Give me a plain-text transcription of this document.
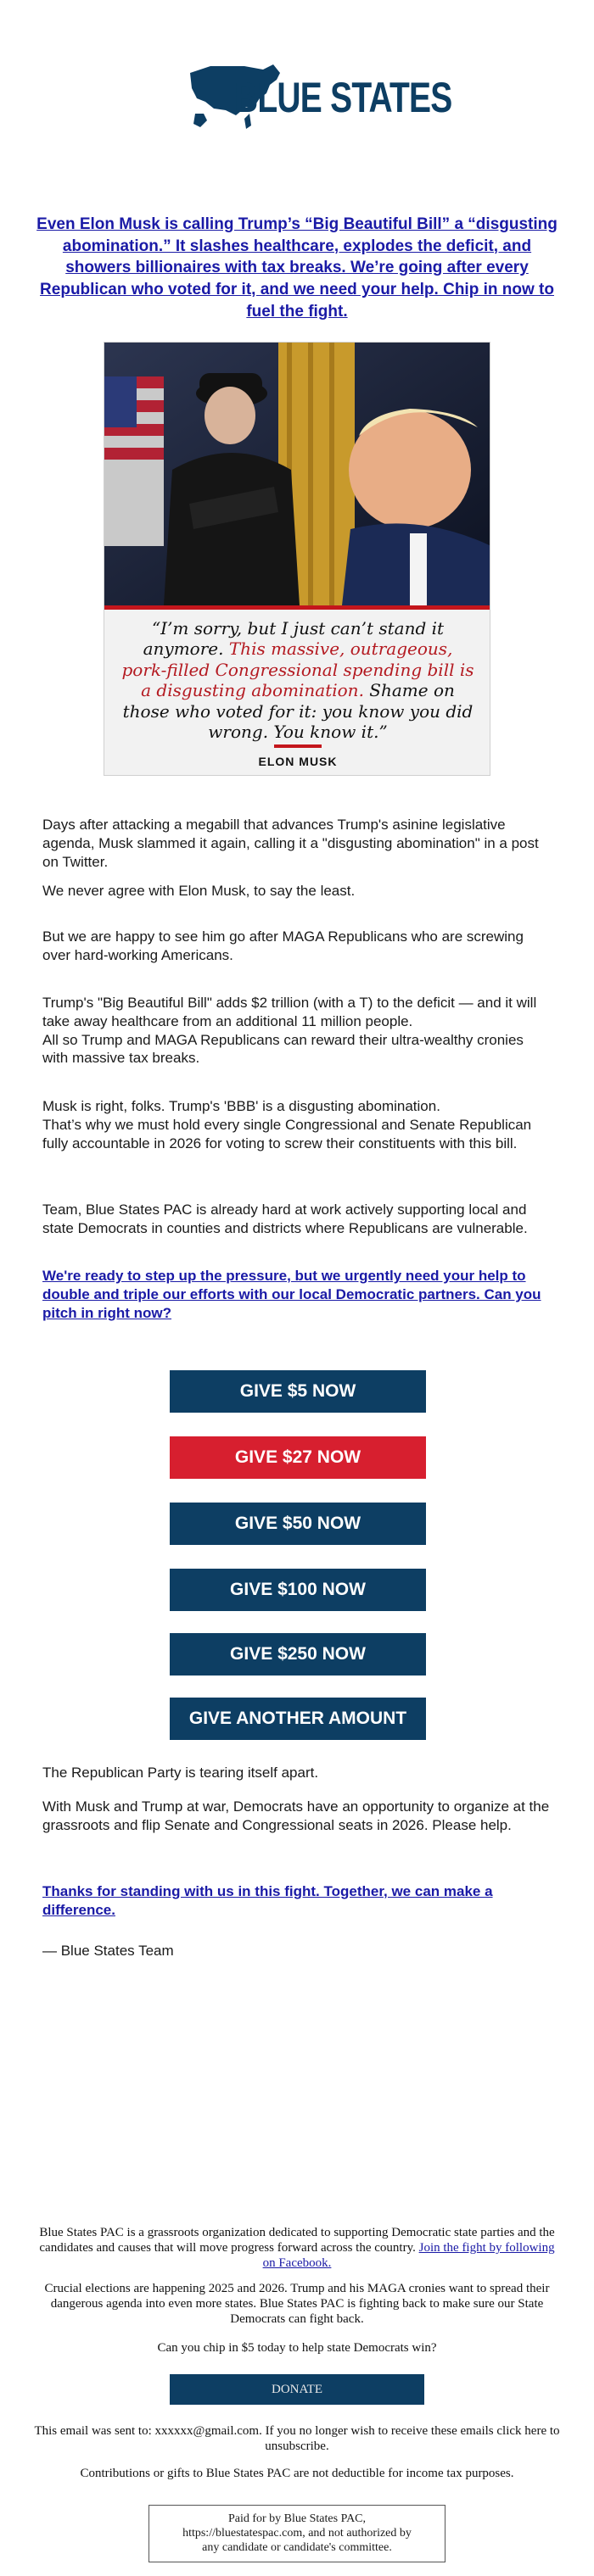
BLUE STATES
Even Elon Musk is calling Trump’s “Big Beautiful Bill” a “disgusting abomination.” It slashes healthcare, explodes the deficit, and showers billionaires with tax breaks. We’re going after every Republican who voted for it, and we need your help. Chip in now to fuel the fight.
“I’m sorry, but I just can’t stand it anymore. This massive, outrageous, pork-filled Congressional spending bill is a disgusting abomination. Shame on those who voted for it: you know you did wrong. You know it.”
ELON MUSK

Days after attacking a megabill that advances Trump's asinine legislative agenda, Musk slammed it again, calling it a "disgusting abomination" in a post on Twitter.

We never agree with Elon Musk, to say the least.

But we are happy to see him go after MAGA Republicans who are screwing over hard-working Americans.

Trump's "Big Beautiful Bill" adds $2 trillion (with a T) to the deficit — and it will take away healthcare from an additional 11 million people.
All so Trump and MAGA Republicans can reward their ultra-wealthy cronies with massive tax breaks.
Musk is right, folks. Trump's 'BBB' is a disgusting abomination.
That’s why we must hold every single Congressional and Senate Republican fully accountable in 2026 for voting to screw their constituents with this bill.

Team, Blue States PAC is already hard at work actively supporting local and state Democrats in counties and districts where Republicans are vulnerable.

We're ready to step up the pressure, but we urgently need your help to double and triple our efforts with our local Democratic partners. Can you pitch in right now?

GIVE $5 NOW
GIVE $27 NOW
GIVE $50 NOW
GIVE $100 NOW
GIVE $250 NOW
GIVE ANOTHER AMOUNT

The Republican Party is tearing itself apart.

With Musk and Trump at war, Democrats have an opportunity to organize at the grassroots and flip Senate and Congressional seats in 2026. Please help.

Thanks for standing with us in this fight. Together, we can make a difference.

— Blue States Team

Blue States PAC is a grassroots organization dedicated to supporting Democratic state parties and the candidates and causes that will move progress forward across the country. Join the fight by following on Facebook.

Crucial elections are happening 2025 and 2026. Trump and his MAGA cronies want to spread their dangerous agenda into even more states. Blue States PAC is fighting back to make sure our State Democrats can fight back.

Can you chip in $5 today to help state Democrats win?

DONATE

This email was sent to: xxxxxx@gmail.com. If you no longer wish to receive these emails click here to unsubscribe.

Contributions or gifts to Blue States PAC are not deductible for income tax purposes.

Paid for by Blue States PAC,
https://bluestatespac.com, and not authorized by
any candidate or candidate's committee.
